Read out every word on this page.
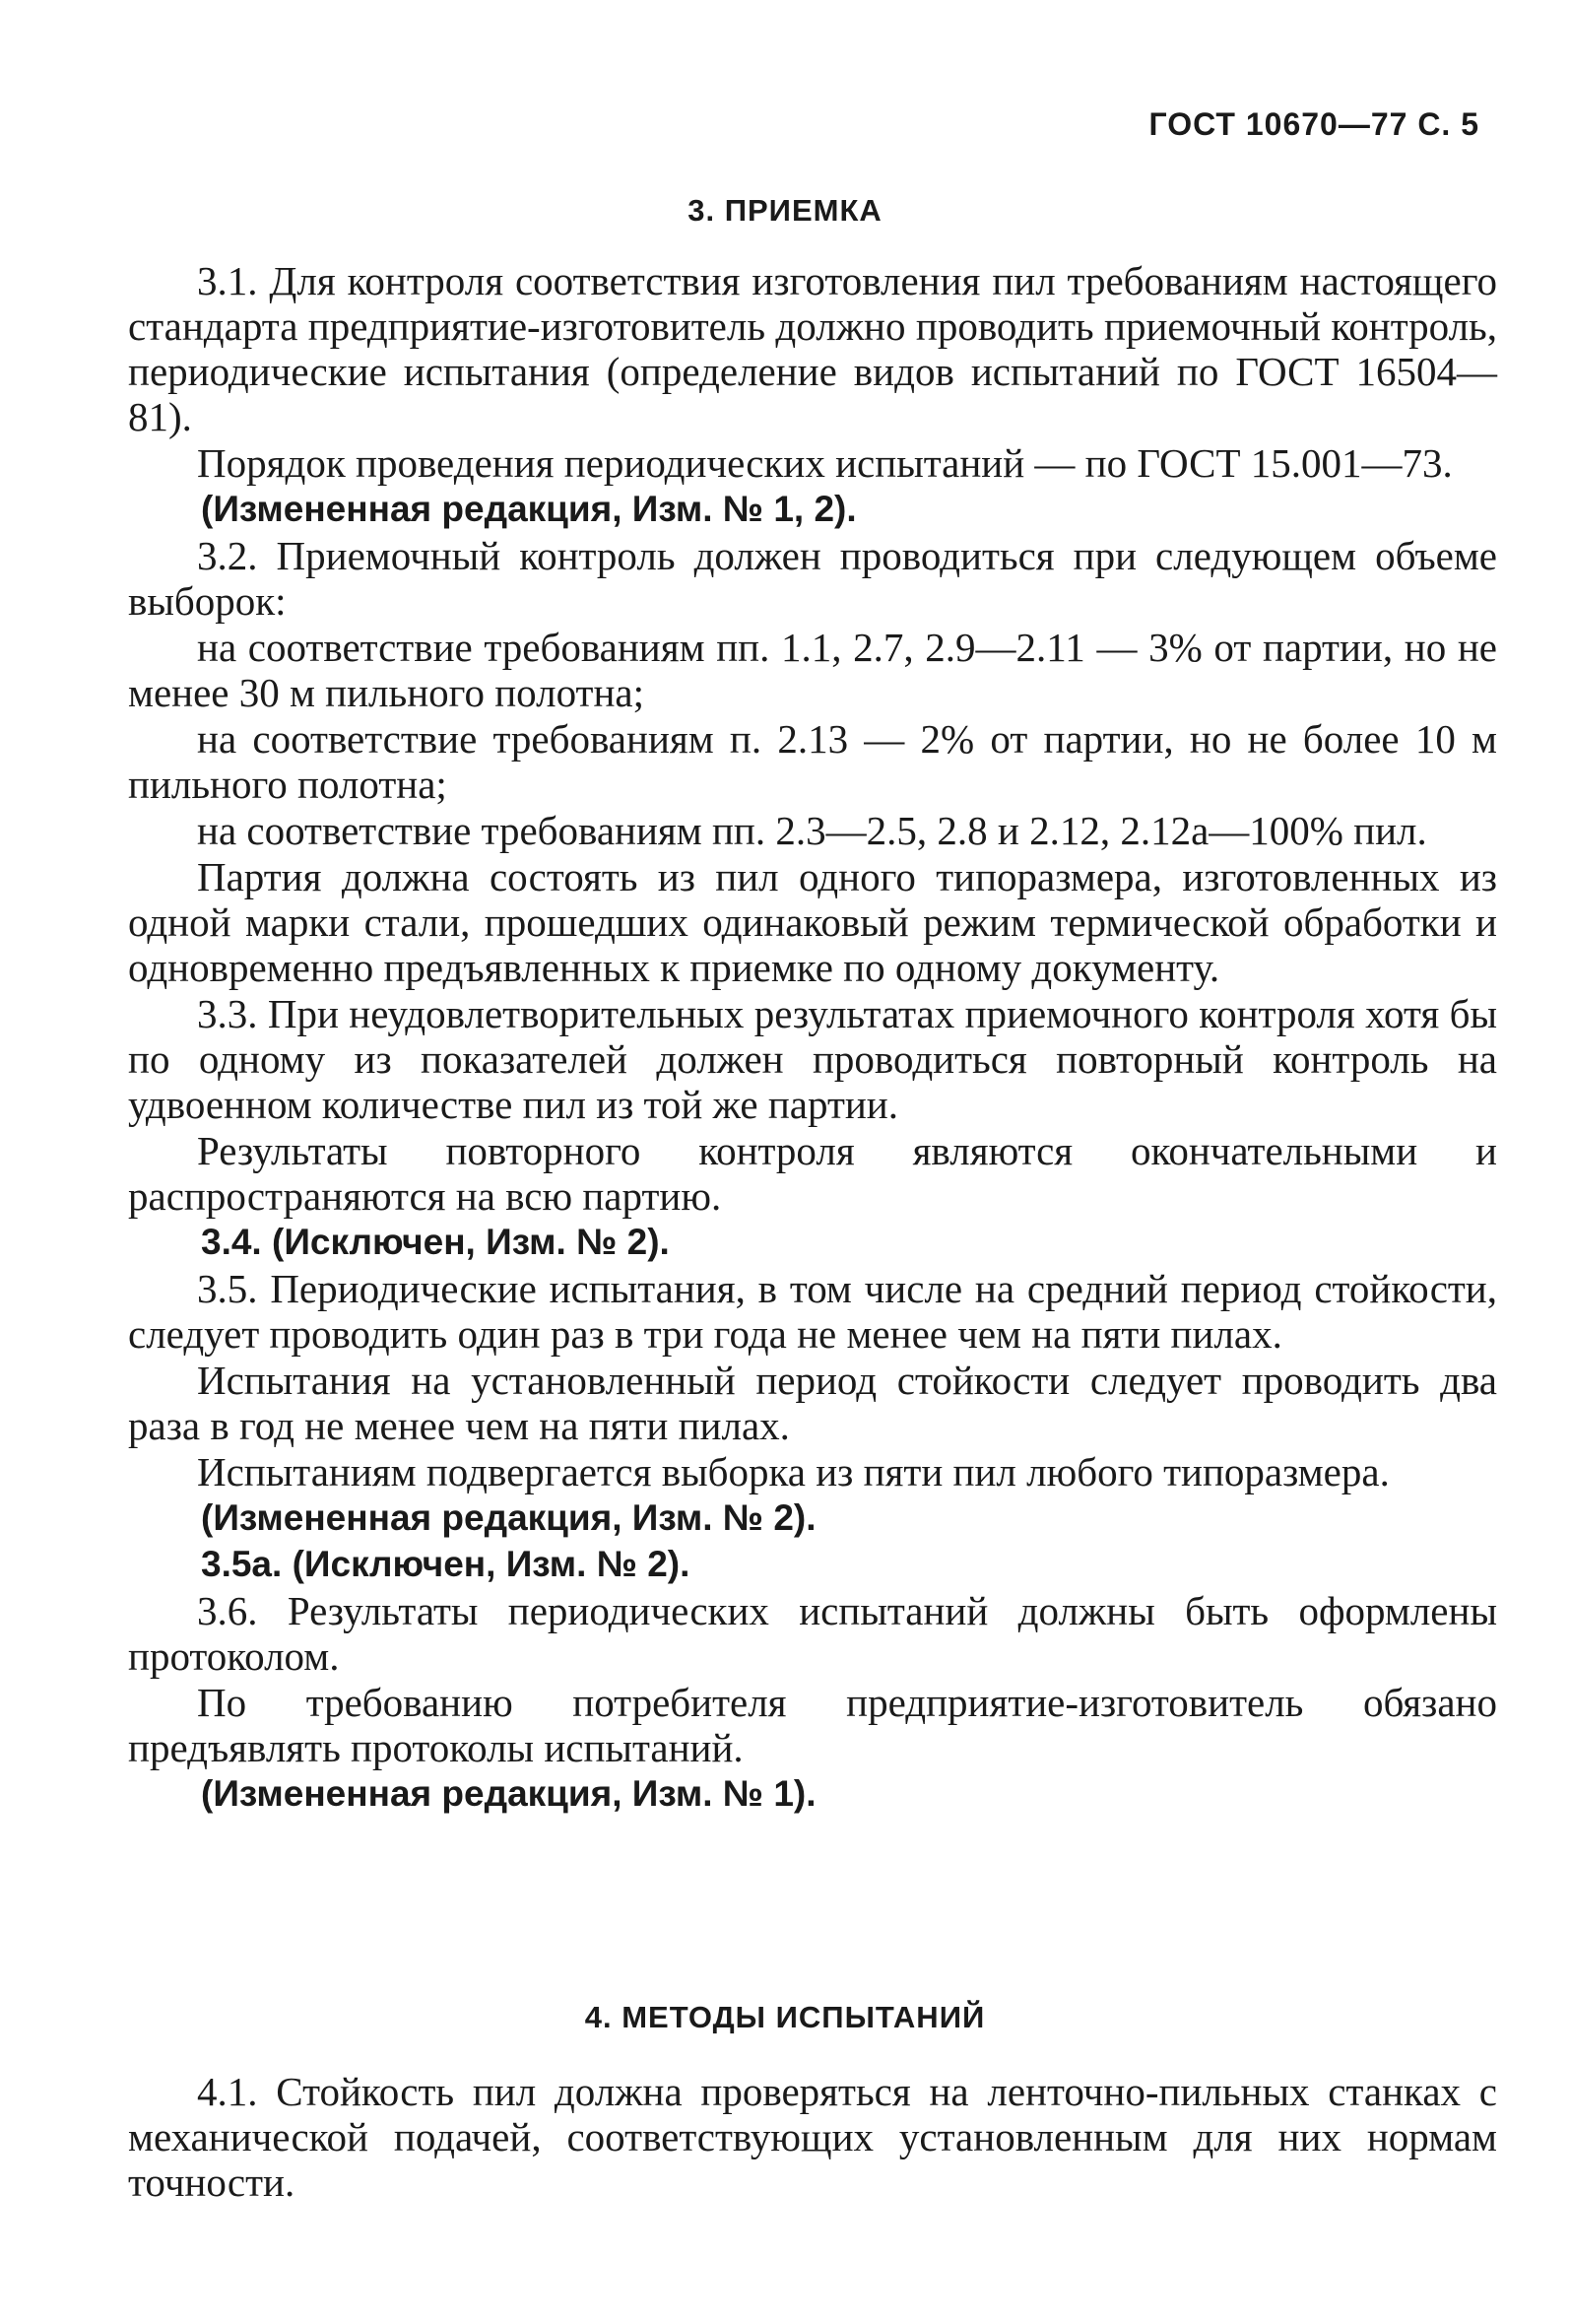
ГОСТ 10670—77 С. 5
3. ПРИЕМКА

3.1. Для контроля соответствия изготовления пил требованиям настоящего стандарта предприятие-изготовитель должно проводить приемочный контроль, периодические испытания (определение видов испытаний по ГОСТ 16504—81).

Порядок проведения периодических испытаний — по ГОСТ 15.001—73.

(Измененная редакция, Изм. № 1, 2).

3.2. Приемочный контроль должен проводиться при следующем объеме выборок:

на соответствие требованиям пп. 1.1, 2.7, 2.9—2.11 — 3% от партии, но не менее 30 м пильного полотна;

на соответствие требованиям п. 2.13 — 2% от партии, но не более 10 м пильного полотна;

на соответствие требованиям пп. 2.3—2.5, 2.8 и 2.12, 2.12а—100% пил.

Партия должна состоять из пил одного типоразмера, изготовленных из одной марки стали, прошедших одинаковый режим термической обработки и одновременно предъявленных к приемке по одному документу.

3.3. При неудовлетворительных результатах приемочного контроля хотя бы по одному из показателей должен проводиться повторный контроль на удвоенном количестве пил из той же партии.

Результаты повторного контроля являются окончательными и распространяются на всю партию.

3.4. (Исключен, Изм. № 2).

3.5. Периодические испытания, в том числе на средний период стойкости, следует проводить один раз в три года не менее чем на пяти пилах.

Испытания на установленный период стойкости следует проводить два раза в год не менее чем на пяти пилах.

Испытаниям подвергается выборка из пяти пил любого типоразмера.

(Измененная редакция, Изм. № 2).

3.5а. (Исключен, Изм. № 2).

3.6. Результаты периодических испытаний должны быть оформлены протоколом.

По требованию потребителя предприятие-изготовитель обязано предъявлять протоколы испытаний.

(Измененная редакция, Изм. № 1).

4. МЕТОДЫ ИСПЫТАНИЙ

4.1. Стойкость пил должна проверяться на ленточно-пильных станках с механической подачей, соответствующих установленным для них нормам точности.
